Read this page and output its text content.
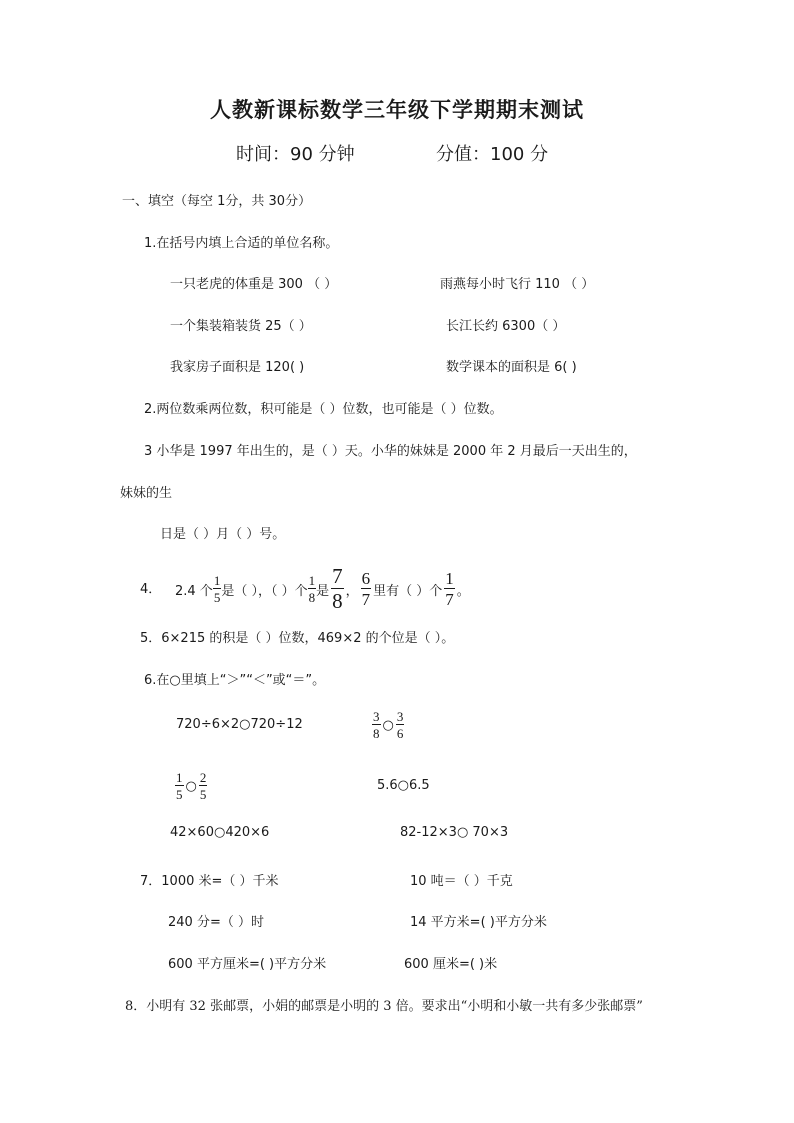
人教新课标数学三年级下学期期末测试
时间：90 分钟	分值：100 分
一、填空（每空 1分，共 30分）
1.在括号内填上合适的单位名称。
一只老虎的体重是 300 （ ）	雨燕每小时飞行 110 （ ）
一个集装箱装货 25（ ）	长江长约 6300（ ）
我家房子面积是 120( )	数学课本的面积是 6( )
2.两位数乘两位数，积可能是（ ）位数，也可能是（ ）位数。
3 小华是 1997 年出生的，是（ ）天。小华的妹妹是 2000 年 2 月最后一天出生的，
妹妹的生
日是（ ）月（ ）号。
4． 2.4 个 $\frac{1}{5}$ 是（ ），（ ）个 $\frac{1}{8}$ 是 $\frac{7}{8}$ ， $\frac{6}{7}$ 里有（ ）个 $\frac{1}{7}$ 。
5．6×215 的积是（ ）位数，469×2 的个位是（ ）。
6.在○里填上“＞”“＜”或“＝”。
720÷6×2○720÷12	$\frac{3}{8}$ ○ $\frac{3}{6}$
$\frac{1}{5}$ ○ $\frac{2}{5}$	5.6○6.5
42×60○420×6	82-12×3○ 70×3
7．1000 米=（ ）千米	10 吨＝（ ）千克
240 分=（ ）时	14 平方米=( )平方分米
600 平方厘米=( )平方分米	600 厘米=( )米
8．小明有 32 张邮票，小娟的邮票是小明的 3 倍。要求出“小明和小敏一共有多少张邮票”
